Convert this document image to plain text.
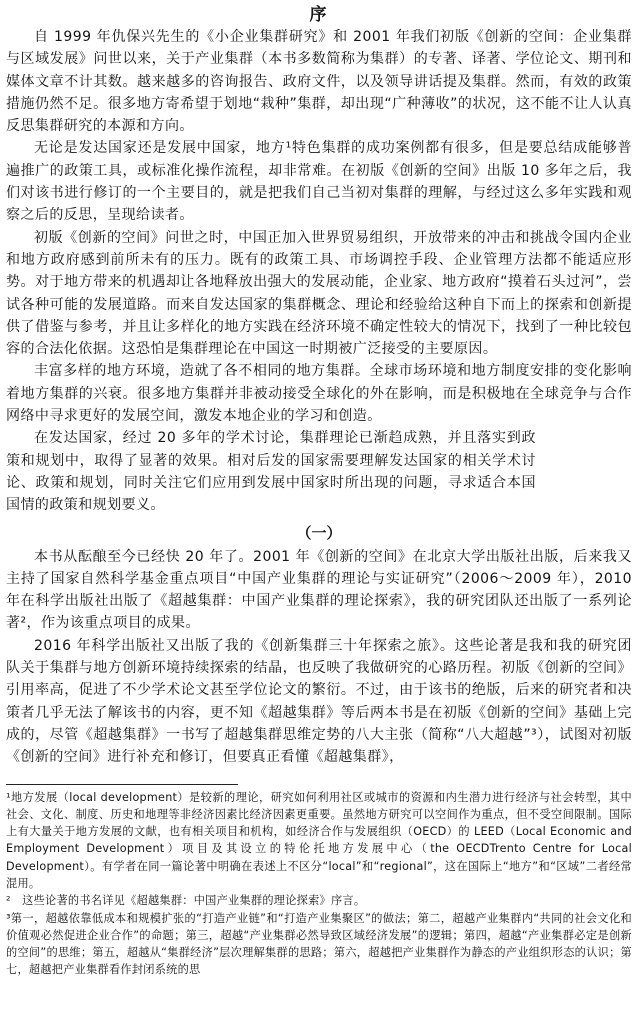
序

自 1999 年仇保兴先生的《小企业集群研究》和 2001 年我们初版《创新的空间：企业集群与区域发展》问世以来，关于产业集群（本书多数简称为集群）的专著、译著、学位论文、期刊和媒体文章不计其数。越来越多的咨询报告、政府文件，以及领导讲话提及集群。然而，有效的政策措施仍然不足。很多地方寄希望于划地“栽种”集群，却出现“广种薄收”的状况，这不能不让人认真反思集群研究的本源和方向。

无论是发达国家还是发展中国家，地方¹特色集群的成功案例都有很多，但是要总结成能够普遍推广的政策工具，或标准化操作流程，却非常难。在初版《创新的空间》出版 10 多年之后，我们对该书进行修订的一个主要目的，就是把我们自己当初对集群的理解，与经过这么多年实践和观察之后的反思，呈现给读者。

初版《创新的空间》问世之时，中国正加入世界贸易组织，开放带来的冲击和挑战令国内企业和地方政府感到前所未有的压力。既有的政策工具、市场调控手段、企业管理方法都不能适应形势。对于地方带来的机遇却让各地释放出强大的发展动能，企业家、地方政府“摸着石头过河”，尝试各种可能的发展道路。而来自发达国家的集群概念、理论和经验给这种自下而上的探索和创新提供了借鉴与参考，并且让多样化的地方实践在经济环境不确定性较大的情况下，找到了一种比较包容的合法化依据。这恐怕是集群理论在中国这一时期被广泛接受的主要原因。

丰富多样的地方环境，造就了各不相同的地方集群。全球市场环境和地方制度安排的变化影响着地方集群的兴衰。很多地方集群并非被动接受全球化的外在影响，而是积极地在全球竞争与合作网络中寻求更好的发展空间，激发本地企业的学习和创造。

在发达国家，经过 20 多年的学术讨论，集群理论已渐趋成熟，并且落实到政策和规划中，取得了显著的效果。相对后发的国家需要理解发达国家的相关学术讨论、政策和规划，同时关注它们应用到发展中国家时所出现的问题，寻求适合本国国情的政策和规划要义。

（一）

本书从酝酿至今已经快 20 年了。2001 年《创新的空间》在北京大学出版社出版，后来我又主持了国家自然科学基金重点项目“中国产业集群的理论与实证研究”（2006～2009 年），2010 年在科学出版社出版了《超越集群：中国产业集群的理论探索》，我的研究团队还出版了一系列论著²，作为该重点项目的成果。

2016 年科学出版社又出版了我的《创新集群三十年探索之旅》。这些论著是我和我的研究团队关于集群与地方创新环境持续探索的结晶，也反映了我做研究的心路历程。初版《创新的空间》引用率高，促进了不少学术论文甚至学位论文的繁衍。不过，由于该书的绝版，后来的研究者和决策者几乎无法了解该书的内容，更不知《超越集群》等后两本书是在初版《创新的空间》基础上完成的，尽管《超越集群》一书写了超越集群思维定势的八大主张（简称“八大超越”³），试图对初版《创新的空间》进行补充和修订，但要真正看懂《超越集群》，

¹地方发展（local development）是较新的理论，研究如何利用社区或城市的资源和内生潜力进行经济与社会转型，其中社会、文化、制度、历史和地理等非经济因素比经济因素更重要。虽然地方研究可以空间作为重点，但不受空间限制。国际上有大量关于地方发展的文献，也有相关项目和机构，如经济合作与发展组织（OECD）的 LEED（Local Economic and Employment Development）项目及其设立的特伦托地方发展中心（the OECDTrento Centre for Local Development）。有学者在同一篇论著中明确在表述上不区分“local”和“regional”，这在国际上“地方”和“区域”二者经常混用。

²　这些论著的书名详见《超越集群：中国产业集群的理论探索》序言。

³第一，超越依靠低成本和规模扩张的“打造产业链”和“打造产业集聚区”的做法；第二，超越产业集群内“共同的社会文化和价值观必然促进企业合作”的命题；第三，超越“产业集群必然导致区域经济发展”的逻辑；第四，超越“产业集群必定是创新的空间”的思维；第五，超越从“集群经济”层次理解集群的思路；第六，超越把产业集群作为静态的产业组织形态的认识；第七，超越把产业集群看作封闭系统的思
